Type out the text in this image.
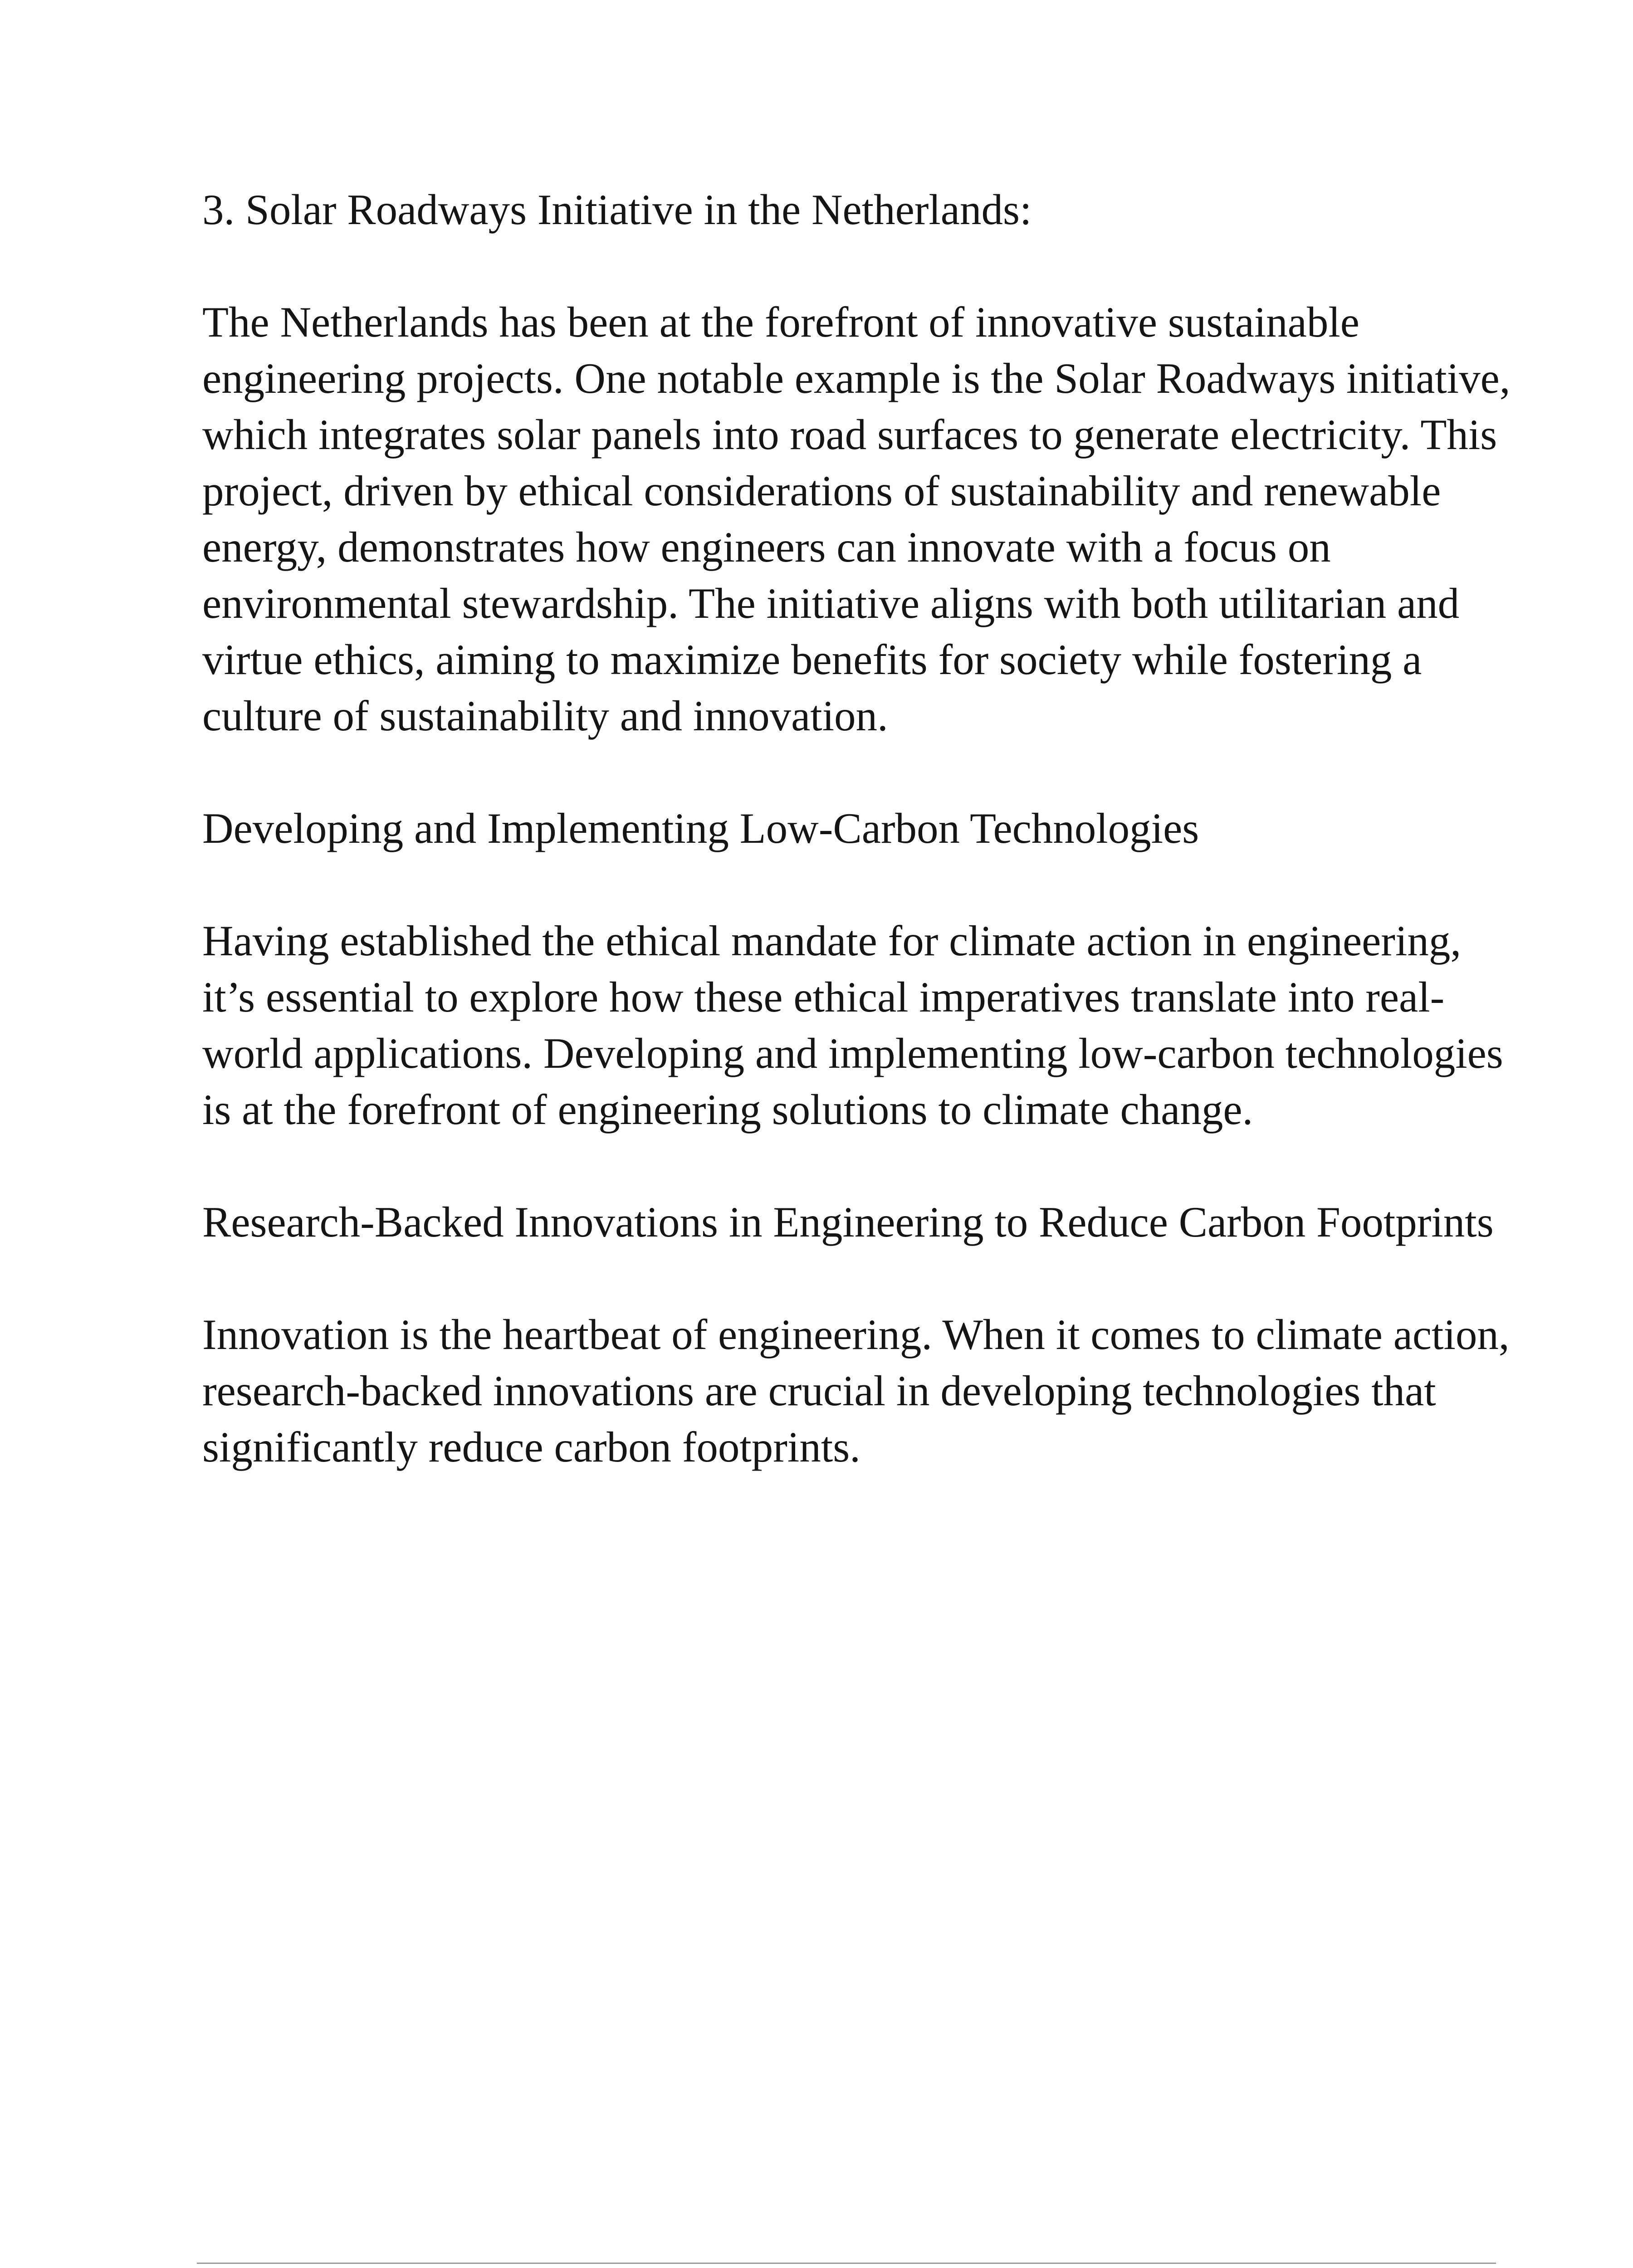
3. Solar Roadways Initiative in the Netherlands:

The Netherlands has been at the forefront of innovative sustainable engineering projects. One notable example is the Solar Roadways initiative, which integrates solar panels into road surfaces to generate electricity. This project, driven by ethical considerations of sustainability and renewable energy, demonstrates how engineers can innovate with a focus on environmental stewardship. The initiative aligns with both utilitarian and virtue ethics, aiming to maximize benefits for society while fostering a culture of sustainability and innovation.

Developing and Implementing Low-Carbon Technologies

Having established the ethical mandate for climate action in engineering, it’s essential to explore how these ethical imperatives translate into real-world applications. Developing and implementing low-carbon technologies is at the forefront of engineering solutions to climate change.

Research-Backed Innovations in Engineering to Reduce Carbon Footprints

Innovation is the heartbeat of engineering. When it comes to climate action, research-backed innovations are crucial in developing technologies that significantly reduce carbon footprints.
